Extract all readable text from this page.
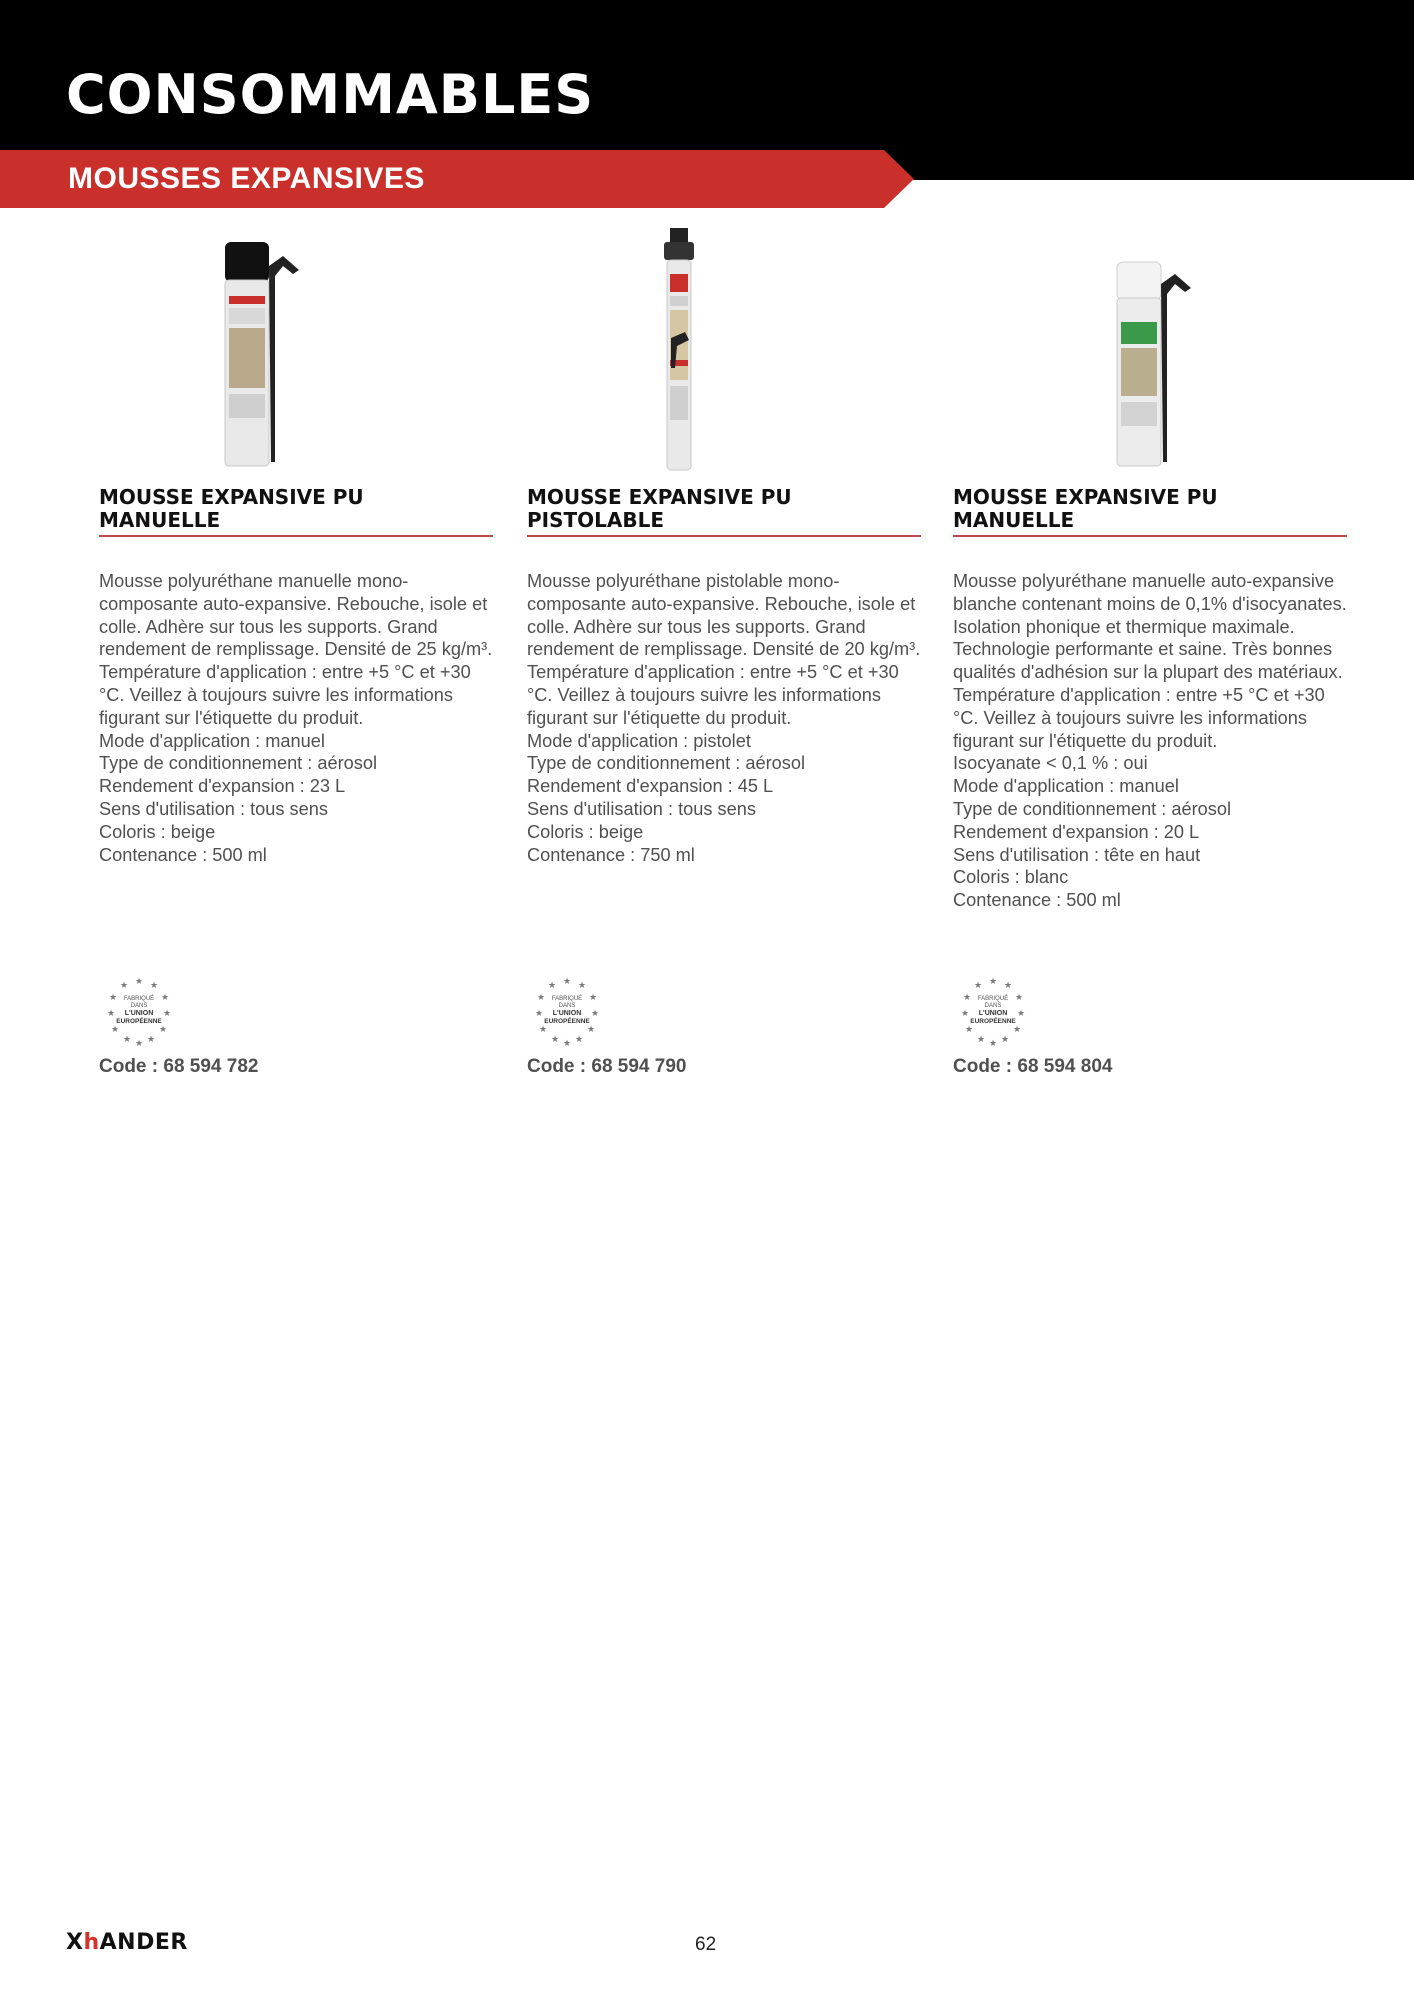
CONSOMMABLES
MOUSSES EXPANSIVES
MOUSSE EXPANSIVE PU
MANUELLE

Mousse polyuréthane manuelle mono-composante auto-expansive. Rebouche, isole et colle. Adhère sur tous les supports. Grand rendement de remplissage. Densité de 25 kg/m³. Température d'application : entre +5 °C et +30 °C. Veillez à toujours suivre les informations figurant sur l'étiquette du produit.

Mode d'application : manuel

Type de conditionnement : aérosol

Rendement d'expansion : 23 L

Sens d'utilisation : tous sens

Coloris : beige

Contenance : 500 ml

★ ★
★
★
★
★
★
★
★
★
★ ★
FABRIQUÉ
DANS
L'UNION
EUROPÉENNE
Code : 68 594 782
MOUSSE EXPANSIVE PU
PISTOLABLE

Mousse polyuréthane pistolable mono-composante auto-expansive. Rebouche, isole et colle. Adhère sur tous les supports. Grand rendement de remplissage. Densité de 20 kg/m³. Température d'application : entre +5 °C et +30 °C. Veillez à toujours suivre les informations figurant sur l'étiquette du produit.

Mode d'application : pistolet

Type de conditionnement : aérosol

Rendement d'expansion : 45 L

Sens d'utilisation : tous sens

Coloris : beige

Contenance : 750 ml

★ ★
★
★
★
★
★
★
★
★
★ ★
FABRIQUÉ
DANS
L'UNION
EUROPÉENNE
Code : 68 594 790
MOUSSE EXPANSIVE PU
MANUELLE

Mousse polyuréthane manuelle auto-expansive blanche contenant moins de 0,1% d'isocyanates. Isolation phonique et thermique maximale. Technologie performante et saine. Très bonnes qualités d'adhésion sur la plupart des matériaux. Température d'application : entre +5 °C et +30 °C. Veillez à toujours suivre les informations figurant sur l'étiquette du produit.

Isocyanate < 0,1 % : oui

Mode d'application : manuel

Type de conditionnement : aérosol

Rendement d'expansion : 20 L

Sens d'utilisation : tête en haut

Coloris : blanc

Contenance : 500 ml

★ ★
★
★
★
★
★
★
★
★
★ ★
FABRIQUÉ
DANS
L'UNION
EUROPÉENNE
Code : 68 594 804
XhANDER	62
